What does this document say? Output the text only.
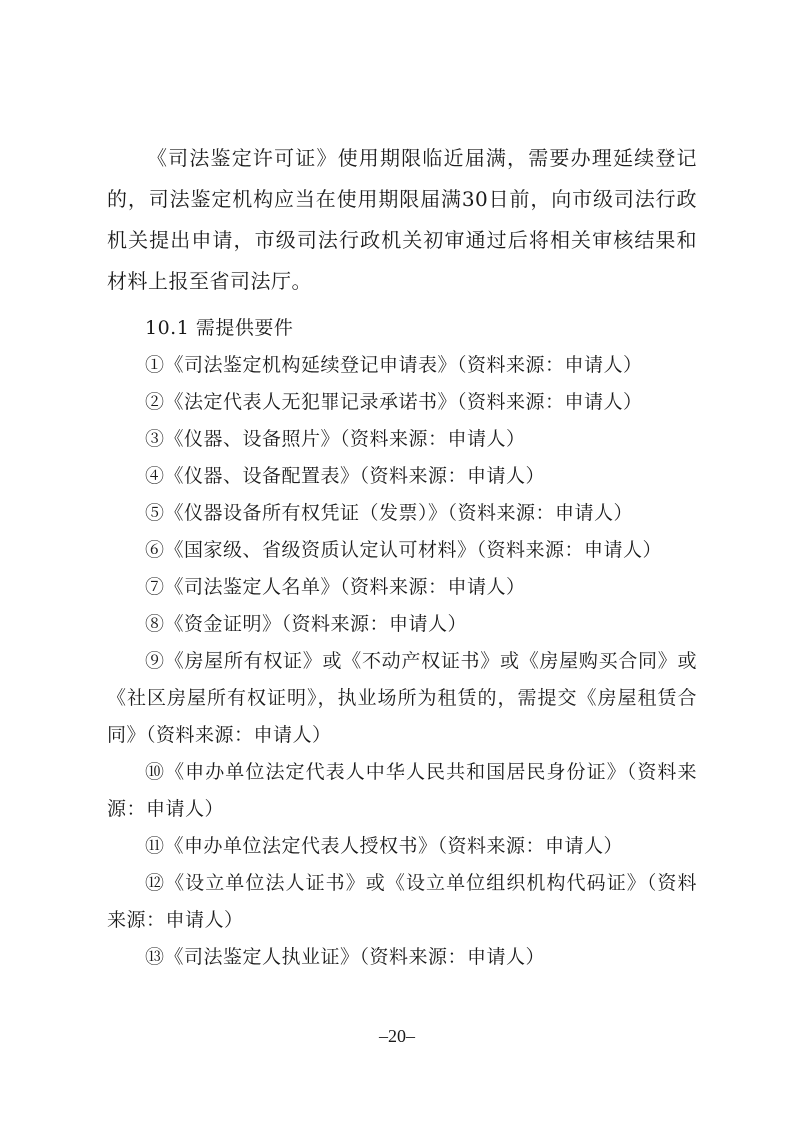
《司法鉴定许可证》使用期限临近届满，需要办理延续登记的，司法鉴定机构应当在使用期限届满30日前，向市级司法行政机关提出申请，市级司法行政机关初审通过后将相关审核结果和材料上报至省司法厅。

10.1 需提供要件
①《司法鉴定机构延续登记申请表》（资料来源：申请人）
②《法定代表人无犯罪记录承诺书》（资料来源：申请人）
③《仪器、设备照片》（资料来源：申请人）
④《仪器、设备配置表》（资料来源：申请人）
⑤《仪器设备所有权凭证（发票）》（资料来源：申请人）
⑥《国家级、省级资质认定认可材料》（资料来源：申请人）
⑦《司法鉴定人名单》（资料来源：申请人）
⑧《资金证明》（资料来源：申请人）
⑨《房屋所有权证》或《不动产权证书》或《房屋购买合同》或《社区房屋所有权证明》，执业场所为租赁的，需提交《房屋租赁合同》（资料来源：申请人）
⑩《申办单位法定代表人中华人民共和国居民身份证》（资料来源：申请人）
⑪《申办单位法定代表人授权书》（资料来源：申请人）
⑫《设立单位法人证书》或《设立单位组织机构代码证》（资料来源：申请人）
⑬《司法鉴定人执业证》（资料来源：申请人）
–20–
